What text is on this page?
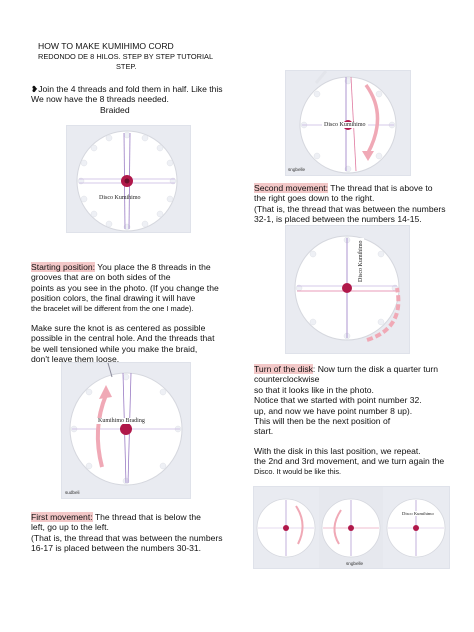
HOW TO MAKE KUMIHIMO CORD
REDONDO DE 8 HILOS. STEP BY STEP TUTORIAL
STEP.
❥Join the 4 threads and fold them in half. Like this
We now have the 8 threads needed.
Braided
Disco Kumihimo
Disco Kumihimo
sngbelle
Disco Kumihimo
Kumihimo Brading
sudbeli
Disco Kumihimo
sngbelle
Starting position: You place the 8 threads in the
grooves that are on both sides of the
points as you see in the photo. (If you change the
position colors, the final drawing it will have
the bracelet will be different from the one I made).
Make sure the knot is as centered as possible
possible in the central hole. And the threads that
be well tensioned while you make the braid,
don't leave them loose.
Second movement: The thread that is above to
the right goes down to the right.
(That is, the thread that was between the numbers
32-1, is placed between the numbers 14-15.
Turn of the disk: Now turn the disk a quarter turn
counterclockwise
so that it looks like in the photo.
Notice that we started with point number 32.
up, and now we have point number 8 up).
This will then be the next position of
start.
With the disk in this last position, we repeat.
the 2nd and 3rd movement, and we turn again the
Disco. It would be like this.
First movement: The thread that is below the
left, go up to the left.
(That is, the thread that was between the numbers
16-17 is placed between the numbers 30-31.
